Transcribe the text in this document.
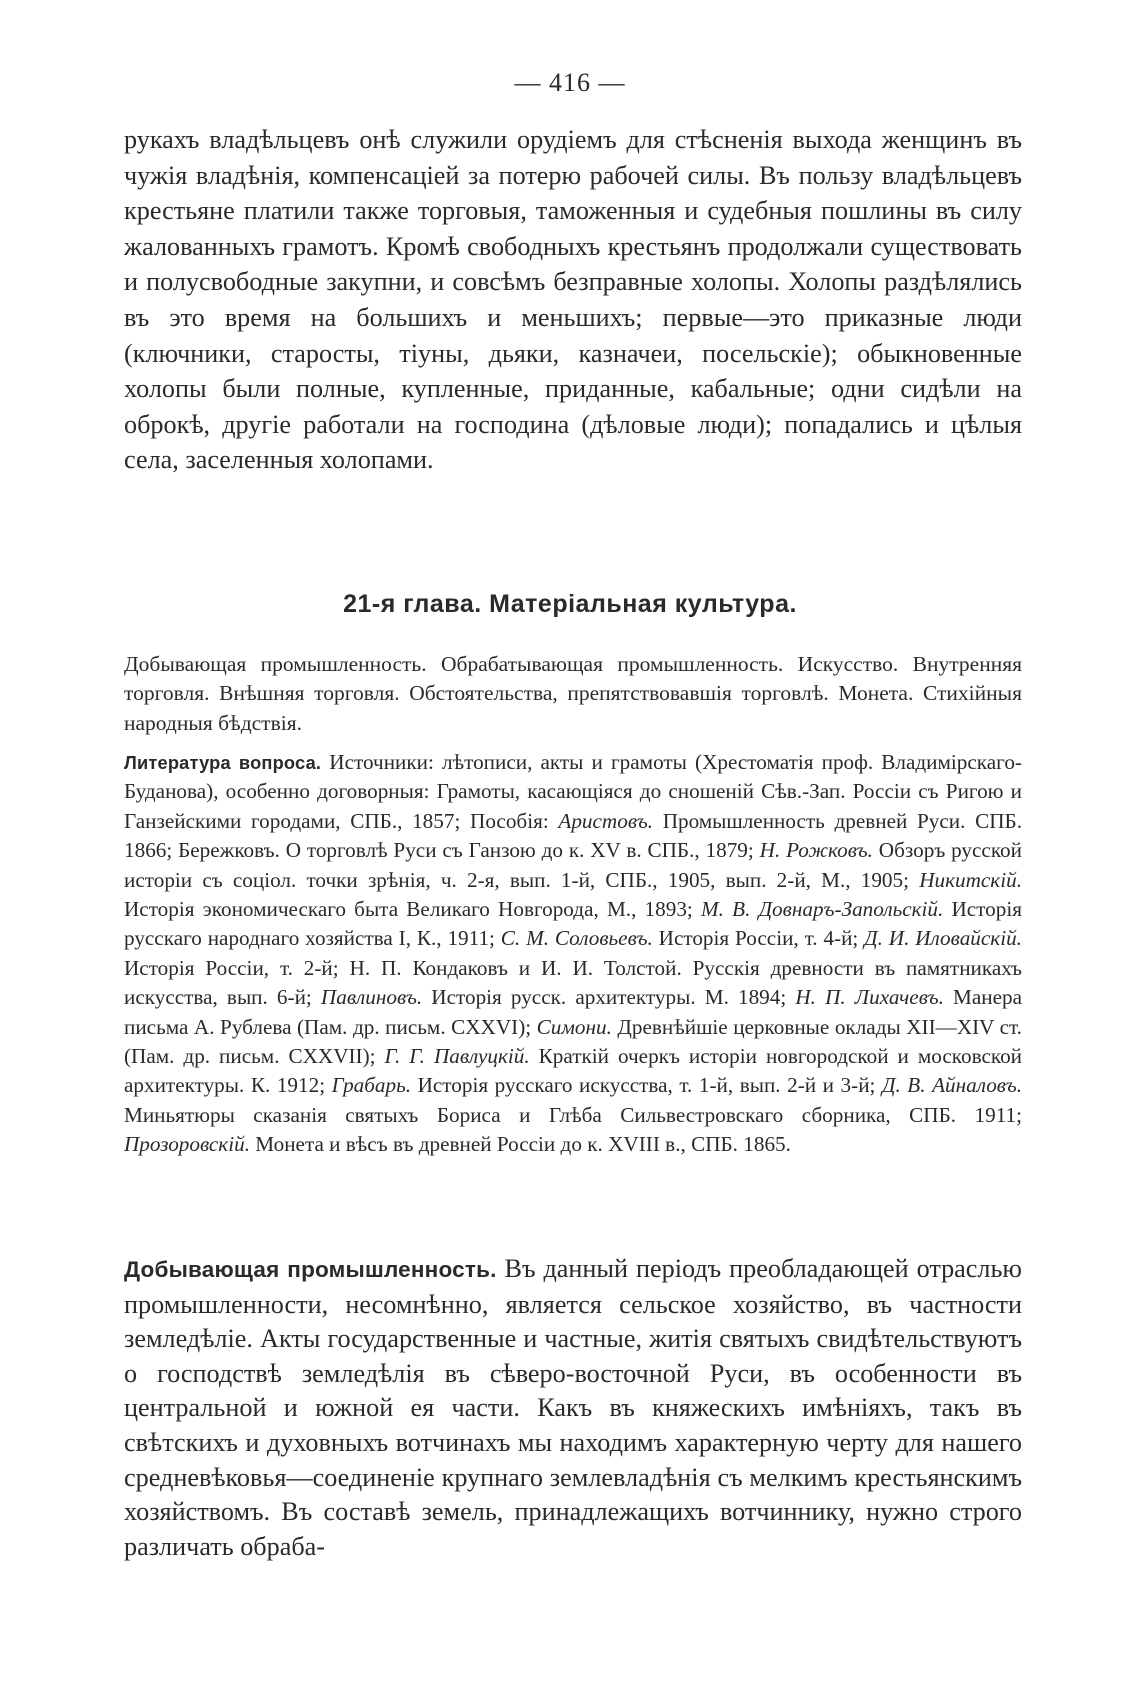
— 416 —
рукахъ владѣльцевъ онѣ служили орудіемъ для стѣсненія выхода женщинъ въ чужія владѣнія, компенсаціей за потерю рабочей силы. Въ пользу владѣльцевъ крестьяне платили также торговыя, таможенныя и судебныя пошлины въ силу жалованныхъ грамотъ. Кромѣ свободныхъ крестьянъ продолжали существовать и полусвободные закупни, и совсѣмъ безправные холопы. Холопы раздѣлялись въ это время на большихъ и меньшихъ; первые—это приказные люди (ключники, старосты, тіуны, дьяки, казначеи, посельскіе); обыкновенные холопы были полные, купленные, приданные, кабальные; одни сидѣли на оброкѣ, другіе работали на господина (дѣловые люди); попадались и цѣлыя села, заселенныя холопами.
21-я глава. Матеріальная культура.
Добывающая промышленность. Обрабатывающая промышленность. Искусство. Внутренняя торговля. Внѣшняя торговля. Обстоятельства, препятствовавшія торговлѣ. Монета. Стихійныя народныя бѣдствія.
Литература вопроса. Источники: лѣтописи, акты и грамоты (Хрестоматія проф. Владимірскаго-Буданова), особенно договорныя: Грамоты, касающіяся до сношеній Сѣв.-Зап. Россіи съ Ригою и Ганзейскими городами, СПБ., 1857; Пособія: Аристовъ. Промышленность древней Руси. СПБ. 1866; Бережковъ. О торговлѣ Руси съ Ганзою до к. XV в. СПБ., 1879; Н. Рожковъ. Обзоръ русской исторіи съ соціол. точки зрѣнія, ч. 2-я, вып. 1-й, СПБ., 1905, вып. 2-й, М., 1905; Никитскій. Исторія экономическаго быта Великаго Новгорода, М., 1893; М. В. Довнаръ-Запольскій. Исторія русскаго народнаго хозяйства I, К., 1911; С. М. Соловьевъ. Исторія Россіи, т. 4-й; Д. И. Иловайскій. Исторія Россіи, т. 2-й; Н. П. Кондаковъ и И. И. Толстой. Русскія древности въ памятникахъ искусства, вып. 6-й; Павлиновъ. Исторія русск. архитектуры. М. 1894; Н. П. Лихачевъ. Манера письма А. Рублева (Пам. др. письм. CXXVI); Симони. Древнѣйшіе церковные оклады XII—XIV ст. (Пам. др. письм. CXXVII); Г. Г. Павлуцкій. Краткій очеркъ исторіи новгородской и московской архитектуры. К. 1912; Грабарь. Исторія русскаго искусства, т. 1-й, вып. 2-й и 3-й; Д. В. Айналовъ. Миньятюры сказанія святыхъ Бориса и Глѣба Сильвестровскаго сборника, СПБ. 1911; Прозоровскій. Монета и вѣсъ въ древней Россіи до к. XVIII в., СПБ. 1865.
Добывающая промышленность. Въ данный періодъ преобладающей отраслью промышленности, несомнѣнно, является сельское хозяйство, въ частности земледѣліе. Акты государственные и частные, житія святыхъ свидѣтельствуютъ о господствѣ земледѣлія въ сѣверо-восточной Руси, въ особенности въ центральной и южной ея части. Какъ въ княжескихъ имѣніяхъ, такъ въ свѣтскихъ и духовныхъ вотчинахъ мы находимъ характерную черту для нашего средневѣковья—соединеніе крупнаго землевладѣнія съ мелкимъ крестьянскимъ хозяйствомъ. Въ составѣ земель, принадлежащихъ вотчиннику, нужно строго различать обраба-
